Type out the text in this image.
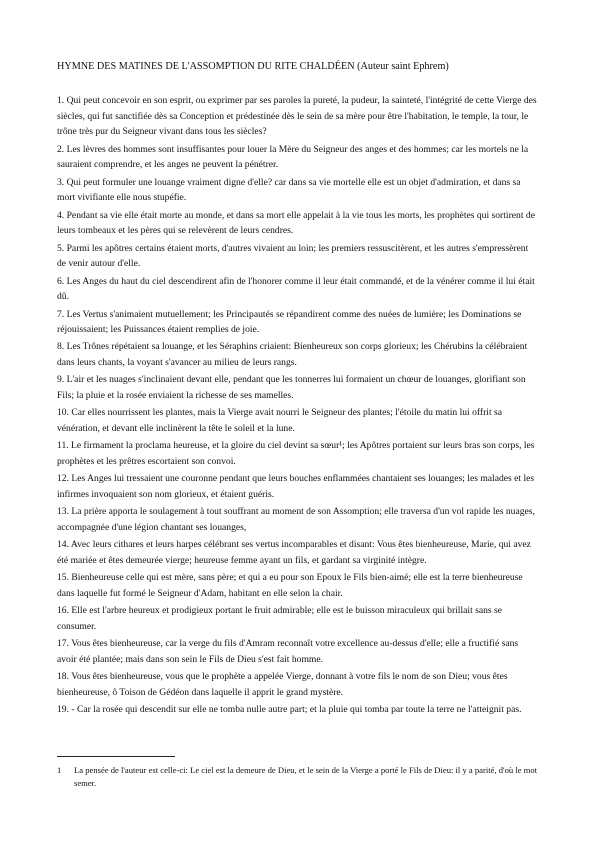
HYMNE DES MATINES DE L'ASSOMPTION DU RITE CHALDÉEN (Auteur saint Ephrem)

1. Qui peut concevoir en son esprit, ou exprimer par ses paroles la pureté, la pudeur, la sainteté, l'intégrité de cette Vierge des siècles, qui fut sanctifiée dès sa Conception et prédestinée dès le sein de sa mère pour être l'habitation, le temple, la tour, le trône très pur du Seigneur vivant dans tous les siècles?

2. Les lèvres des hommes sont insuffisantes pour louer la Mère du Seigneur des anges et des hommes; car les mortels ne la sauraient comprendre, et les anges ne peuvent la pénétrer.

3. Qui peut formuler une louange vraiment digne d'elle? car dans sa vie mortelle elle est un objet d'admiration, et dans sa mort vivifiante elle nous stupéfie.

4. Pendant sa vie elle était morte au monde, et dans sa mort elle appelait à la vie tous les morts, les prophètes qui sortirent de leurs tombeaux et les pères qui se relevèrent de leurs cendres.

5. Parmi les apôtres certains étaient morts, d'autres vivaient au loin; les premiers ressuscitèrent, et les autres s'empressèrent de venir autour d'elle.

6. Les Anges du haut du ciel descendirent afin de l'honorer comme il leur était commandé, et de la vénérer comme il lui était dû.

7. Les Vertus s'animaient mutuellement; les Principautés se répandirent comme des nuées de lumière; les Dominations se réjouissaient; les Puissances étaient remplies de joie.

8. Les Trônes répétaient sa louange, et les Séraphins criaient: Bienheureux son corps glorieux; les Chérubins la célébraient dans leurs chants, la voyant s'avancer au milieu de leurs rangs.

9. L'air et les nuages s'inclinaient devant elle, pendant que les tonnerres lui formaient un chœur de louanges, glorifiant son Fils; la pluie et la rosée enviaient la richesse de ses mamelles.

10. Car elles nourrissent les plantes, mais la Vierge avait nourri le Seigneur des plantes; l'étoile du matin lui offrit sa vénération, et devant elle inclinèrent la tête le soleil et la lune.

11. Le firmament la proclama heureuse, et la gloire du ciel devint sa sœur¹; les Apôtres portaient sur leurs bras son corps, les prophètes et les prêtres escortaient son convoi.

12. Les Anges lui tressaient une couronne pendant que leurs bouches enflammées chantaient ses louanges; les malades et les infirmes invoquaient son nom glorieux, et étaient guéris.

13. La prière apporta le soulagement à tout souffrant au moment de son Assomption; elle traversa d'un vol rapide les nuages, accompagnée d'une légion chantant ses louanges,

14. Avec leurs cithares et leurs harpes célébrant ses vertus incomparables et disant: Vous êtes bienheureuse, Marie, qui avez été mariée et êtes demeurée vierge; heureuse femme ayant un fils, et gardant sa virginité intègre.

15. Bienheureuse celle qui est mère, sans père; et qui a eu pour son Epoux le Fils bien-aimé; elle est la terre bienheureuse dans laquelle fut formé le Seigneur d'Adam, habitant en elle selon la chair.

16. Elle est l'arbre heureux et prodigieux portant le fruit admirable; elle est le buisson miraculeux qui brillait sans se consumer.

17. Vous êtes bienheureuse, car la verge du fils d'Amram reconnaît votre excellence au-dessus d'elle; elle a fructifié sans avoir été plantée; mais dans son sein le Fils de Dieu s'est fait homme.

18. Vous êtes bienheureuse, vous que le prophète a appelée Vierge, donnant à votre fils le nom de son Dieu; vous êtes bienheureuse, ô Toison de Gédéon dans laquelle il apprit le grand mystère.

19. - Car la rosée qui descendit sur elle ne tomba nulle autre part; et la pluie qui tomba par toute la terre ne l'atteignit pas.

1	La pensée de l'auteur est celle-ci: Le ciel est la demeure de Dieu, et le sein de la Vierge a porté le Fils de Dieu: il y a parité, d'où le mot semer.
